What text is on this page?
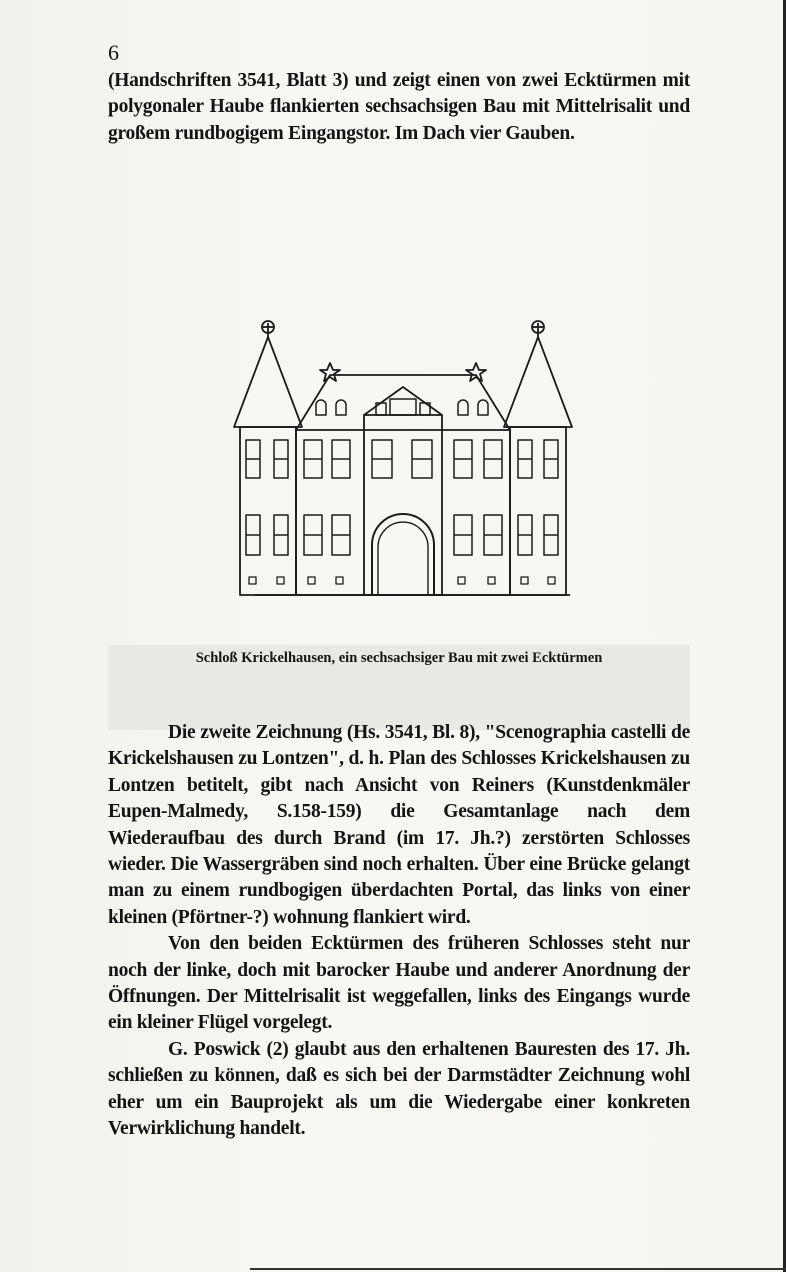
6

(Handschriften 3541, Blatt 3) und zeigt einen von zwei Ecktürmen mit polygonaler Haube flankierten sechsachsigen Bau mit Mittelrisalit und großem rundbogigem Eingangstor. Im Dach vier Gauben.

Schloß Krickelhausen, ein sechsachsiger Bau mit zwei Ecktürmen

Die zweite Zeichnung (Hs. 3541, Bl. 8), "Scenographia castelli de Krickelshausen zu Lontzen", d. h. Plan des Schlosses Krickelshausen zu Lontzen betitelt, gibt nach Ansicht von Reiners (Kunstdenkmäler Eupen-Malmedy, S.158-159) die Gesamtanlage nach dem Wiederaufbau des durch Brand (im 17. Jh.?) zerstörten Schlosses wieder. Die Wassergräben sind noch erhalten. Über eine Brücke gelangt man zu einem rundbogigen überdachten Portal, das links von einer kleinen (Pförtner-?) wohnung flankiert wird.

Von den beiden Ecktürmen des früheren Schlosses steht nur noch der linke, doch mit barocker Haube und anderer Anordnung der Öffnungen. Der Mittelrisalit ist weggefallen, links des Eingangs wurde ein kleiner Flügel vorgelegt.

G. Poswick (2) glaubt aus den erhaltenen Bauresten des 17. Jh. schließen zu können, daß es sich bei der Darmstädter Zeichnung wohl eher um ein Bauprojekt als um die Wiedergabe einer konkreten Verwirklichung handelt.
